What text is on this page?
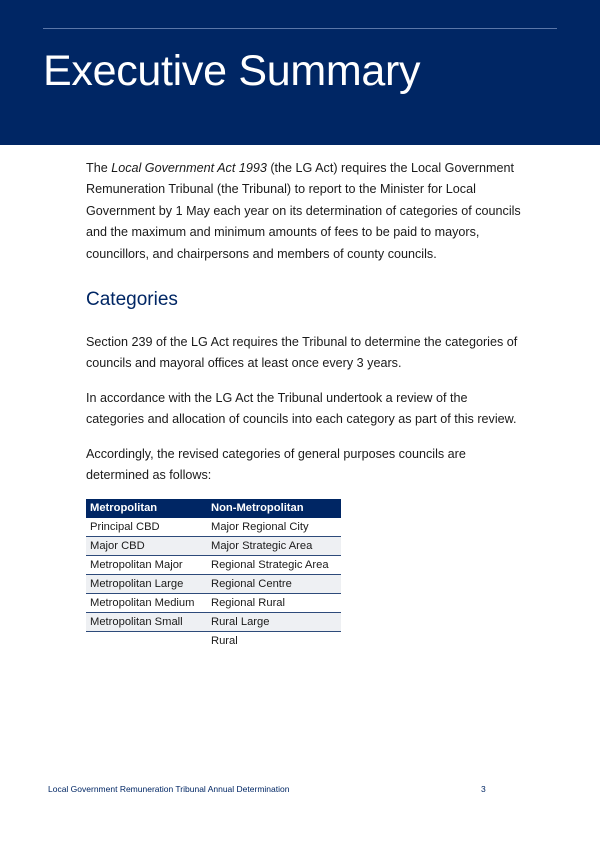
Executive Summary

The Local Government Act 1993 (the LG Act) requires the Local Government Remuneration Tribunal (the Tribunal) to report to the Minister for Local Government by 1 May each year on its determination of categories of councils and the maximum and minimum amounts of fees to be paid to mayors, councillors, and chairpersons and members of county councils.

Categories

Section 239 of the LG Act requires the Tribunal to determine the categories of councils and mayoral offices at least once every 3 years.

In accordance with the LG Act the Tribunal undertook a review of the categories and allocation of councils into each category as part of this review.

Accordingly, the revised categories of general purposes councils are determined as follows:

Metropolitan	Non-Metropolitan
Principal CBD	Major Regional City
Major CBD	Major Strategic Area
Metropolitan Major	Regional Strategic Area
Metropolitan Large	Regional Centre
Metropolitan Medium	Regional Rural
Metropolitan Small	Rural Large
	Rural
Local Government Remuneration Tribunal Annual Determination	3
